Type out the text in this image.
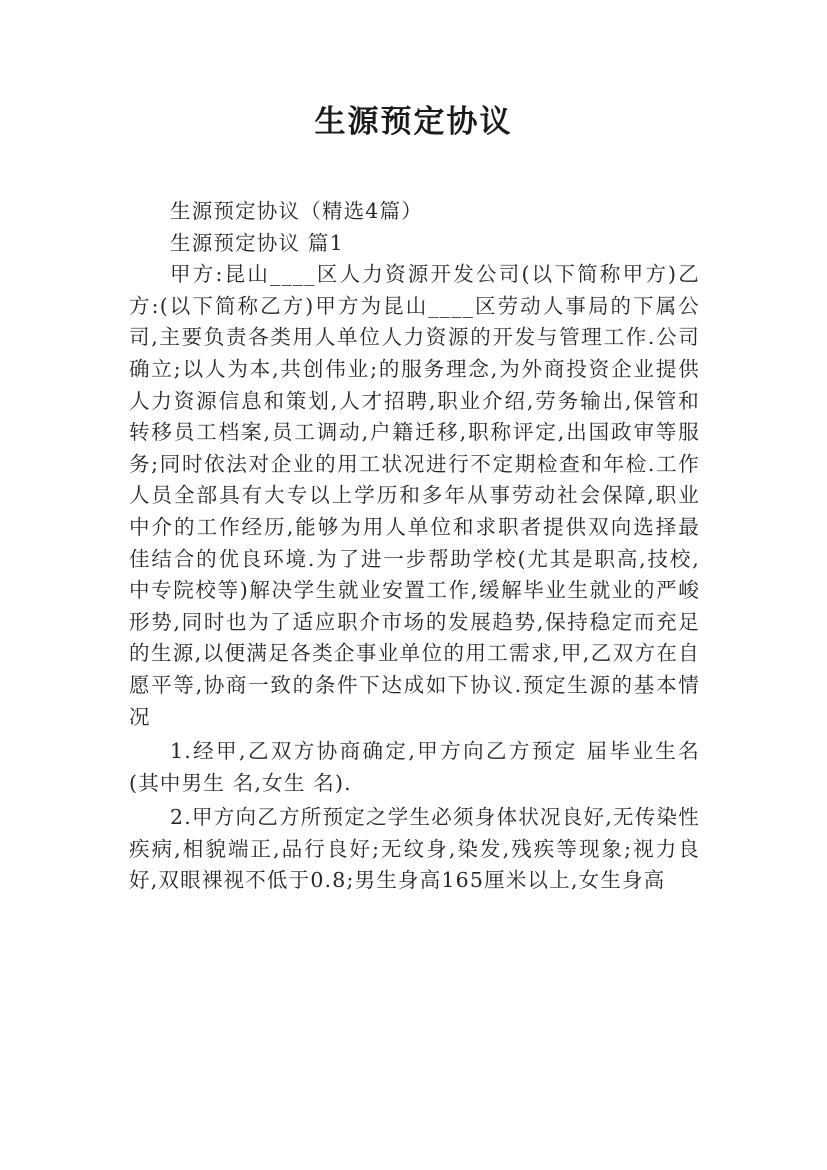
生源预定协议

生源预定协议（精选4篇）

生源预定协议 篇1

甲方:昆山____区人力资源开发公司(以下简称甲方)乙方:(以下简称乙方)甲方为昆山____区劳动人事局的下属公司,主要负责各类用人单位人力资源的开发与管理工作.公司确立;以人为本,共创伟业;的服务理念,为外商投资企业提供人力资源信息和策划,人才招聘,职业介绍,劳务输出,保管和转移员工档案,员工调动,户籍迁移,职称评定,出国政审等服务;同时依法对企业的用工状况进行不定期检查和年检.工作人员全部具有大专以上学历和多年从事劳动社会保障,职业中介的工作经历,能够为用人单位和求职者提供双向选择最佳结合的优良环境.为了进一步帮助学校(尤其是职高,技校,中专院校等)解决学生就业安置工作,缓解毕业生就业的严峻形势,同时也为了适应职介市场的发展趋势,保持稳定而充足的生源,以便满足各类企事业单位的用工需求,甲,乙双方在自愿平等,协商一致的条件下达成如下协议.预定生源的基本情况

1.经甲,乙双方协商确定,甲方向乙方预定 届毕业生名(其中男生 名,女生 名).

2.甲方向乙方所预定之学生必须身体状况良好,无传染性疾病,相貌端正,品行良好;无纹身,染发,残疾等现象;视力良好,双眼裸视不低于0.8;男生身高165厘米以上,女生身高
